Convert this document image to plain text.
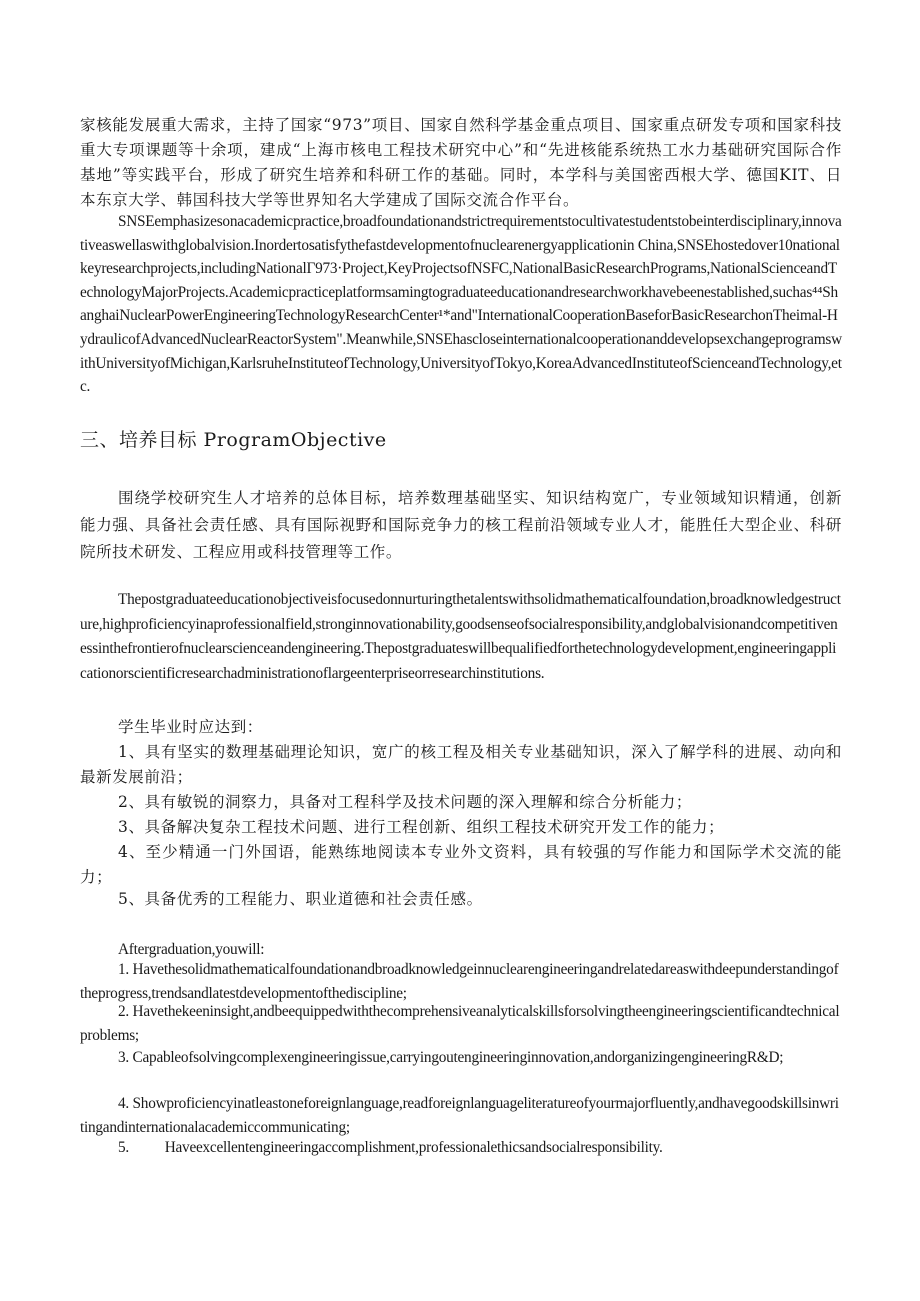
家核能发展重大需求，主持了国家“973”项目、国家自然科学基金重点项目、国家重点研发专项和国家科技重大专项课题等十余项，建成“上海市核电工程技术研究中心”和“先进核能系统热工水力基础研究国际合作基地”等实践平台，形成了研究生培养和科研工作的基础。同时，本学科与美国密西根大学、德国KIT、日本东京大学、韩国科技大学等世界知名大学建成了国际交流合作平台。

SNSEemphasizesonacademicpractice,broadfoundationandstrictrequirementstocultivatestudentstobeinterdisciplinary,innovativeaswellaswithglobalvision.Inordertosatisfythefastdevelopmentofnuclearenergyapplicationin China,SNSEhostedover10nationalkeyresearchprojects,includingNationalΓ973·Project,KeyProjectsofNSFC,NationalBasicResearchPrograms,NationalScienceandTechnologyMajorProjects.Academicpracticeplatformsamingtograduateeducationandresearchworkhavebeenestablished,suchas⁴⁴ShanghaiNuclearPowerEngineeringTechnologyResearchCenter¹*and"InternationalCooperationBaseforBasicResearchonTheimal-HydraulicofAdvancedNuclearReactorSystem".Meanwhile,SNSEhascloseinternationalcooperationanddevelopsexchangeprogramswithUniversityofMichigan,KarlsruheInstituteofTechnology,UniversityofTokyo,KoreaAdvancedInstituteofScienceandTechnology,etc.

三、培养目标 ProgramObjective

围绕学校研究生人才培养的总体目标，培养数理基础坚实、知识结构宽广，专业领域知识精通，创新能力强、具备社会责任感、具有国际视野和国际竞争力的核工程前沿领域专业人才，能胜任大型企业、科研院所技术研发、工程应用或科技管理等工作。

Thepostgraduateeducationobjectiveisfocusedonnurturingthetalentswithsolidmathematicalfoundation,broadknowledgestructure,highproficiencyinaprofessionalfield,stronginnovationability,goodsenseofsocialresponsibility,andglobalvisionandcompetitivenessinthefrontierofnuclearscienceandengineering.Thepostgraduateswillbequalifiedforthetechnologydevelopment,engineeringapplicationorscientificresearchadministrationoflargeenterpriseorresearchinstitutions.

学生毕业时应达到：

1、具有坚实的数理基础理论知识，宽广的核工程及相关专业基础知识，深入了解学科的进展、动向和最新发展前沿；

2、具有敏锐的洞察力，具备对工程科学及技术问题的深入理解和综合分析能力；

3、具备解决复杂工程技术问题、进行工程创新、组织工程技术研究开发工作的能力；

4、至少精通一门外国语，能熟练地阅读本专业外文资料，具有较强的写作能力和国际学术交流的能力；

5、具备优秀的工程能力、职业道德和社会责任感。

Aftergraduation,youwill:

1. Havethesolidmathematicalfoundationandbroadknowledgeinnuclearengineeringandrelatedareaswithdeepunderstandingoftheprogress,trendsandlatestdevelopmentofthediscipline;

2. Havethekeeninsight,andbeequippedwiththecomprehensiveanalyticalskillsforsolvingtheengineeringscientificandtechnicalproblems;

3. Capableofsolvingcomplexengineeringissue,carryingoutengineeringinnovation,andorganizingengineeringR&D;

4. Showproficiencyinatleastoneforeignlanguage,readforeignlanguageliteratureofyourmajorfluently,andhavegoodskillsinwritingandinternationalacademiccommunicating;

5.          Haveexcellentengineeringaccomplishment,professionalethicsandsocialresponsibility.
